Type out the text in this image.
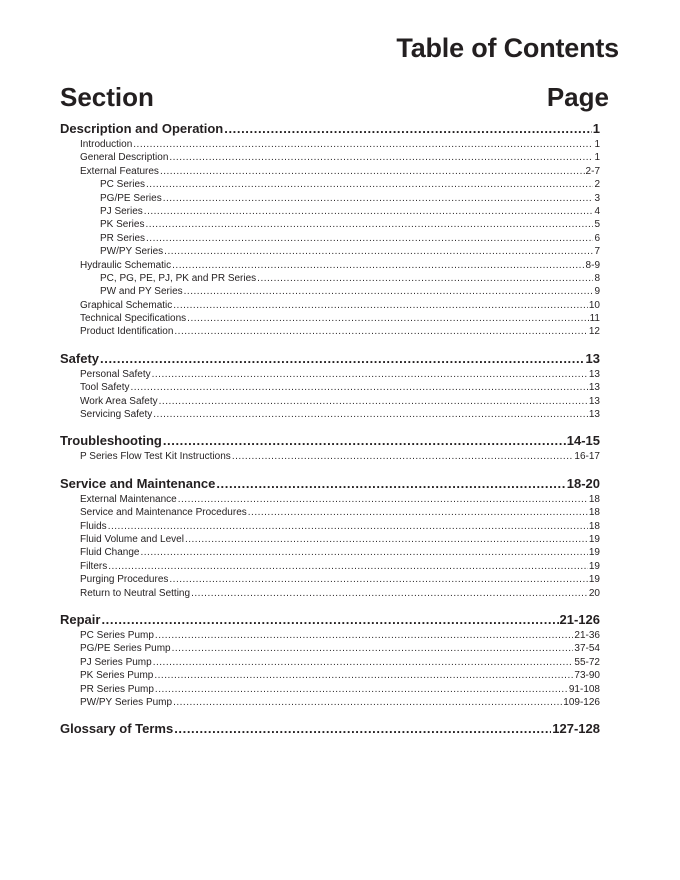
Table of Contents
Section	Page
Description and Operation .....	1
Introduction .....	1
General Description .....	1
External Features .....	2-7
PC Series .....	2
PG/PE Series .....	3
PJ Series .....	4
PK Series .....	5
PR Series .....	6
PW/PY Series .....	7
Hydraulic Schematic .....	8-9
PC, PG, PE, PJ, PK and PR Series .....	8
PW and PY Series .....	9
Graphical Schematic .....	10
Technical Specifications .....	11
Product Identification .....	12
Safety .....	13
Personal Safety .....	13
Tool Safety .....	13
Work Area Safety .....	13
Servicing Safety .....	13
Troubleshooting .....	14-15
P Series Flow Test Kit Instructions .....	16-17
Service and Maintenance .....	18-20
External Maintenance .....	18
Service and Maintenance Procedures .....	18
Fluids .....	18
Fluid Volume and Level .....	19
Fluid Change .....	19
Filters .....	19
Purging Procedures .....	19
Return to Neutral Setting .....	20
Repair .....	21-126
PC Series Pump .....	21-36
PG/PE Series Pump .....	37-54
PJ Series Pump .....	55-72
PK Series Pump .....	73-90
PR Series Pump .....	91-108
PW/PY Series Pump .....	109-126
Glossary of Terms .....	127-128
